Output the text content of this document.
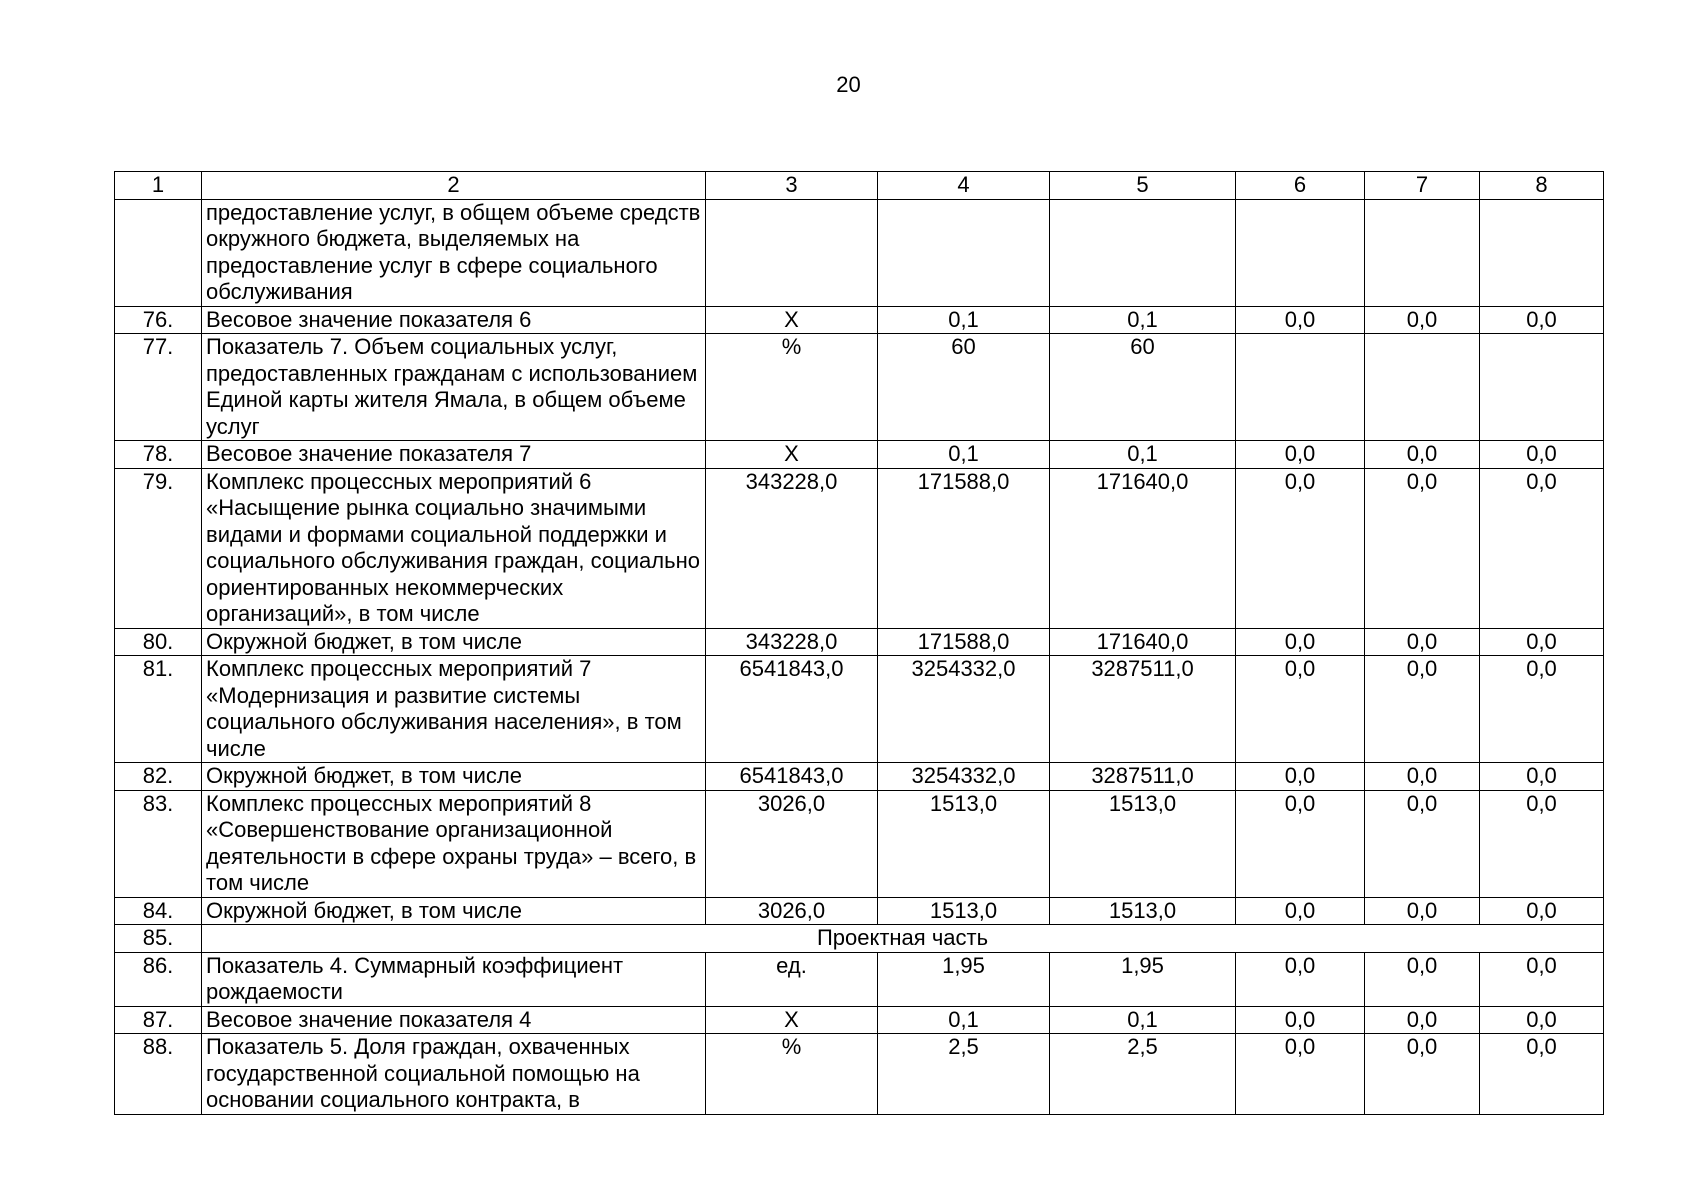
20
1	2	3	4	5	6	7	8
	предоставление услуг, в общем объеме средств окружного бюджета, выделяемых на предоставление услуг в сфере социального обслуживания						
76.	Весовое значение показателя 6	Х	0,1	0,1	0,0	0,0	0,0
77.	Показатель 7. Объем социальных услуг, предоставленных гражданам с использованием Единой карты жителя Ямала, в общем объеме услуг	%	60	60			
78.	Весовое значение показателя 7	Х	0,1	0,1	0,0	0,0	0,0
79.	Комплекс процессных мероприятий 6 «Насыщение рынка социально значимыми видами и формами социальной поддержки и социального обслуживания граждан, социально ориентированных некоммерческих организаций», в том числе	343228,0	171588,0	171640,0	0,0	0,0	0,0
80.	Окружной бюджет, в том числе	343228,0	171588,0	171640,0	0,0	0,0	0,0
81.	Комплекс процессных мероприятий 7 «Модернизация и развитие системы социального обслуживания населения», в том числе	6541843,0	3254332,0	3287511,0	0,0	0,0	0,0
82.	Окружной бюджет, в том числе	6541843,0	3254332,0	3287511,0	0,0	0,0	0,0
83.	Комплекс процессных мероприятий 8 «Совершенствование организационной деятельности в сфере охраны труда» – всего, в том числе	3026,0	1513,0	1513,0	0,0	0,0	0,0
84.	Окружной бюджет, в том числе	3026,0	1513,0	1513,0	0,0	0,0	0,0
85.	Проектная часть						
86.	Показатель 4. Суммарный коэффициент рождаемости	ед.	1,95	1,95	0,0	0,0	0,0
87.	Весовое значение показателя 4	Х	0,1	0,1	0,0	0,0	0,0
88.	Показатель 5. Доля граждан, охваченных государственной социальной помощью на основании социального контракта, в	%	2,5	2,5	0,0	0,0	0,0
